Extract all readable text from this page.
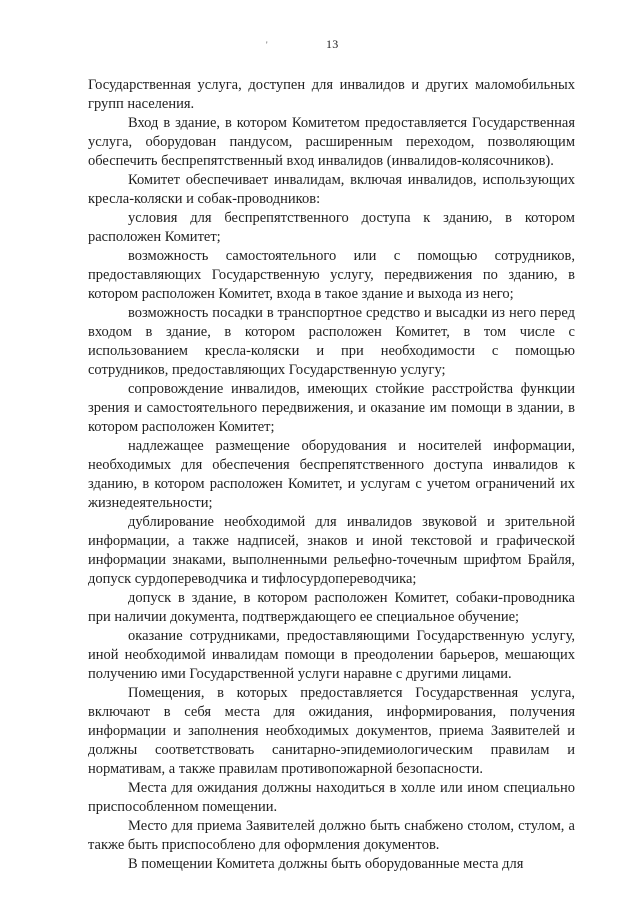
'	13

Государственная услуга, доступен для инвалидов и других маломобильных групп населения.

Вход в здание, в котором Комитетом предоставляется Государственная услуга, оборудован пандусом, расширенным переходом, позволяющим обеспечить беспрепятственный вход инвалидов (инвалидов-колясочников).

Комитет обеспечивает инвалидам, включая инвалидов, использующих кресла-коляски и собак-проводников:

условия для беспрепятственного доступа к зданию, в котором расположен Комитет;

возможность самостоятельного или с помощью сотрудников, предоставляющих Государственную услугу, передвижения по зданию, в котором расположен Комитет, входа в такое здание и выхода из него;

возможность посадки в транспортное средство и высадки из него перед входом в здание, в котором расположен Комитет, в том числе с использованием кресла-коляски и при необходимости с помощью сотрудников, предоставляющих Государственную услугу;

сопровождение инвалидов, имеющих стойкие расстройства функции зрения и самостоятельного передвижения, и оказание им помощи в здании, в котором расположен Комитет;

надлежащее размещение оборудования и носителей информации, необходимых для обеспечения беспрепятственного доступа инвалидов к зданию, в котором расположен Комитет, и услугам с учетом ограничений их жизнедеятельности;

дублирование необходимой для инвалидов звуковой и зрительной информации, а также надписей, знаков и иной текстовой и графической информации знаками, выполненными рельефно-точечным шрифтом Брайля, допуск сурдопереводчика и тифлосурдопереводчика;

допуск в здание, в котором расположен Комитет, собаки-проводника при наличии документа, подтверждающего ее специальное обучение;

оказание сотрудниками, предоставляющими Государственную услугу, иной необходимой инвалидам помощи в преодолении барьеров, мешающих получению ими Государственной услуги наравне с другими лицами.

Помещения, в которых предоставляется Государственная услуга, включают в себя места для ожидания, информирования, получения информации и заполнения необходимых документов, приема Заявителей и должны соответствовать санитарно-эпидемиологическим правилам и нормативам, а также правилам противопожарной безопасности.

Места для ожидания должны находиться в холле или ином специально приспособленном помещении.

Место для приема Заявителей должно быть снабжено столом, стулом, а также быть приспособлено для оформления документов.

В помещении Комитета должны быть оборудованные места для
